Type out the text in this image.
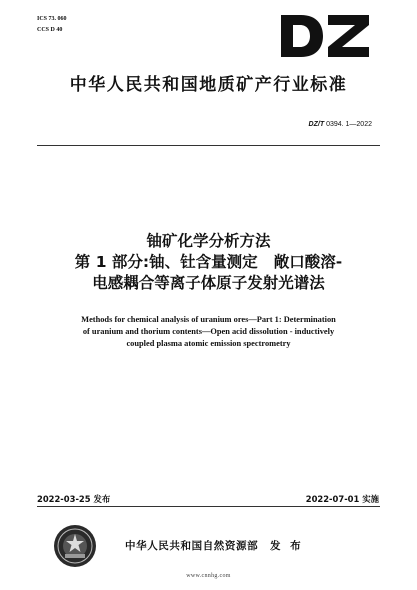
ICS 73. 060
CCS D 40
中华人民共和国地质矿产行业标准
DZ/T 0394. 1—2022
铀矿化学分析方法
第 1 部分:铀、钍含量测定   敞口酸溶-
电感耦合等离子体原子发射光谱法
Methods for chemical analysis of uranium ores—Part 1: Determination
of uranium and thorium contents—Open acid dissolution - inductively
coupled plasma atomic emission spectrometry
2022-03-25 发布	2022-07-01 实施
中华人民共和国自然资源部 发 布
www.cnnhg.com
